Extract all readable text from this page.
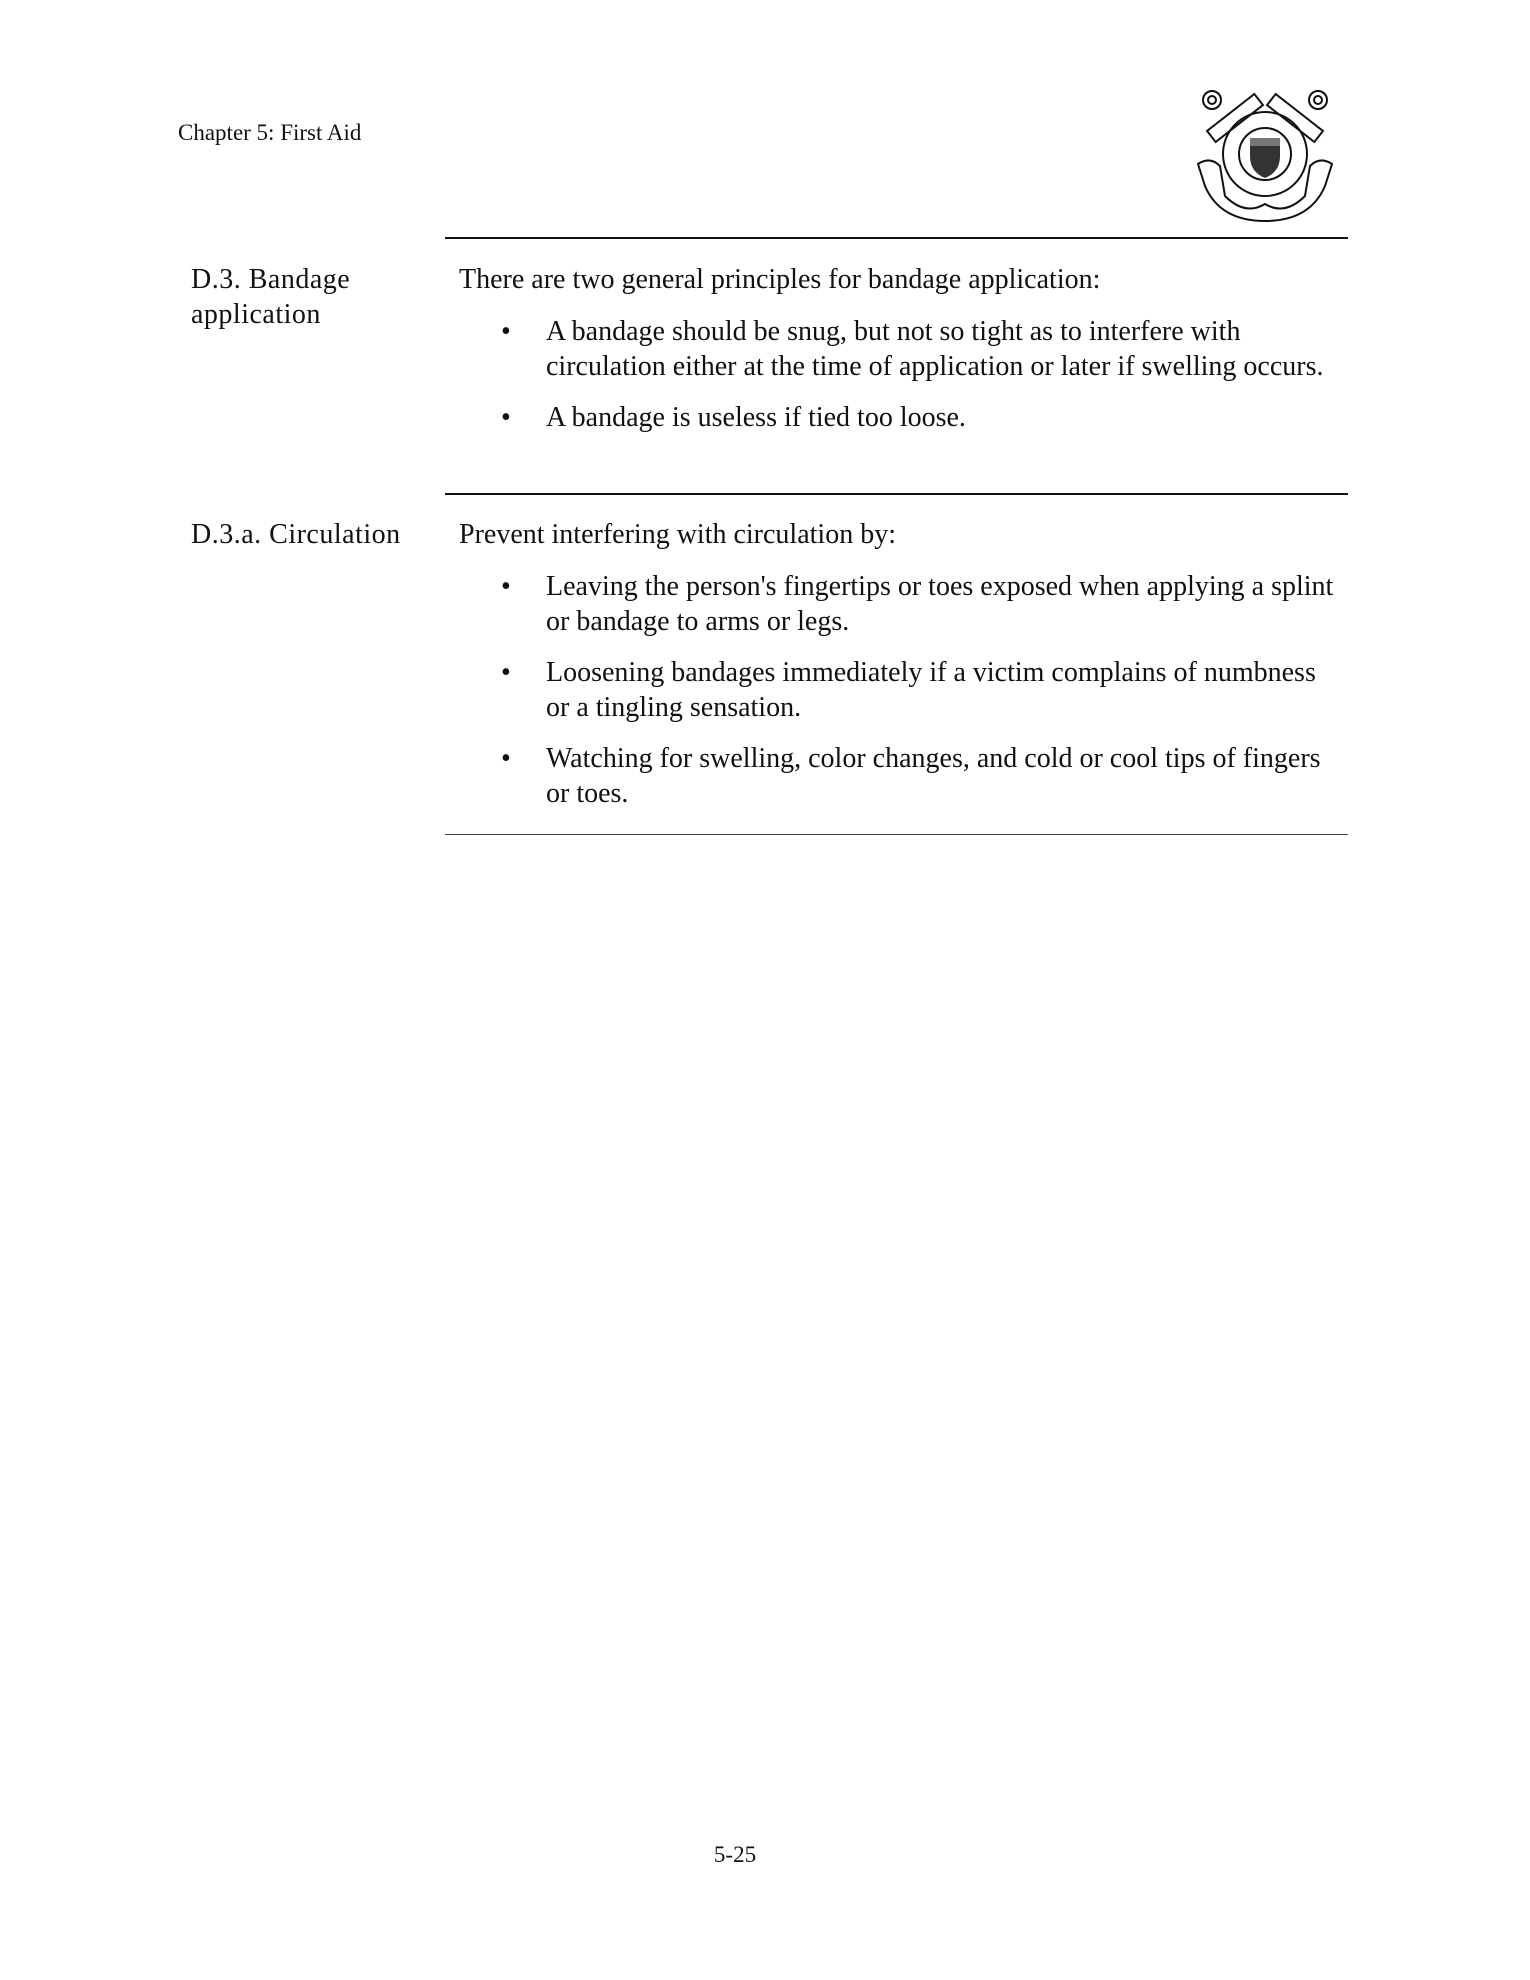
Chapter 5: First Aid
D.3. Bandage application

There are two general principles for bandage application:

• A bandage should be snug, but not so tight as to interfere with circulation either at the time of application or later if swelling occurs.
• A bandage is useless if tied too loose.
D.3.a. Circulation	Prevent interfering with circulation by:

• Leaving the person's fingertips or toes exposed when applying a splint or bandage to arms or legs.
• Loosening bandages immediately if a victim complains of numbness or a tingling sensation.
• Watching for swelling, color changes, and cold or cool tips of fingers or toes.
5-25
